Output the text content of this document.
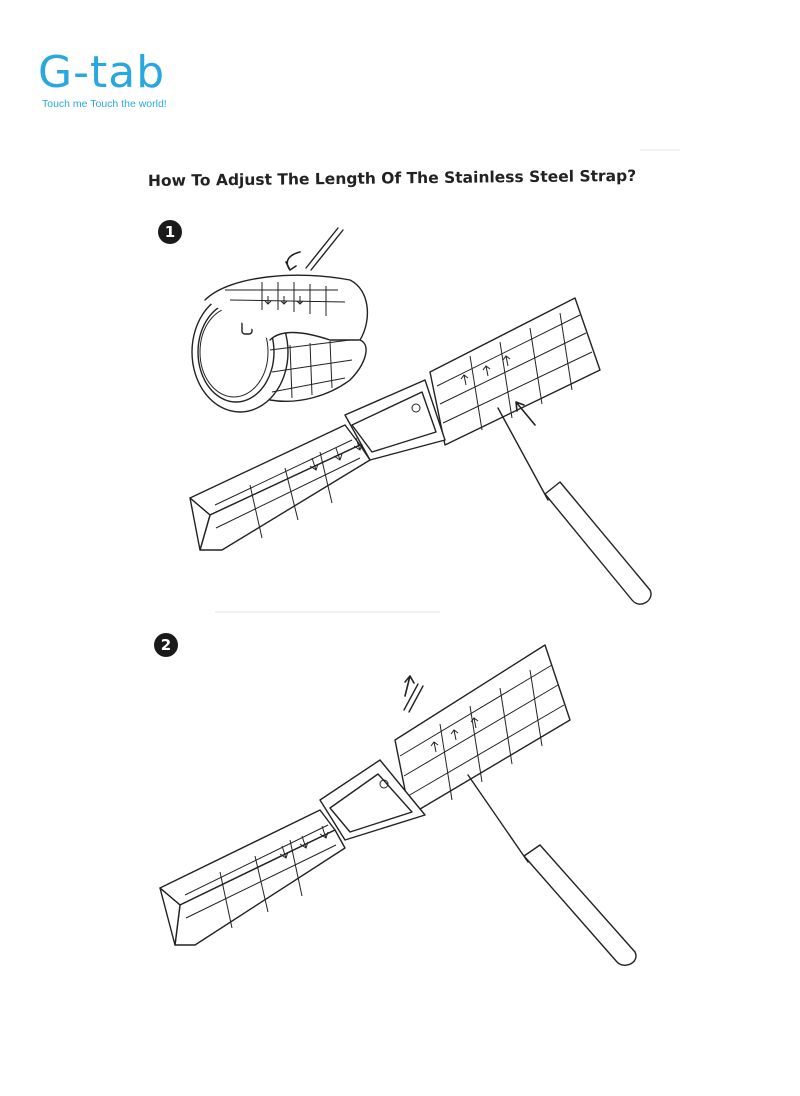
G-tab
Touch me Touch the world!
How To Adjust The Length Of The Stainless Steel Strap?
1
2
